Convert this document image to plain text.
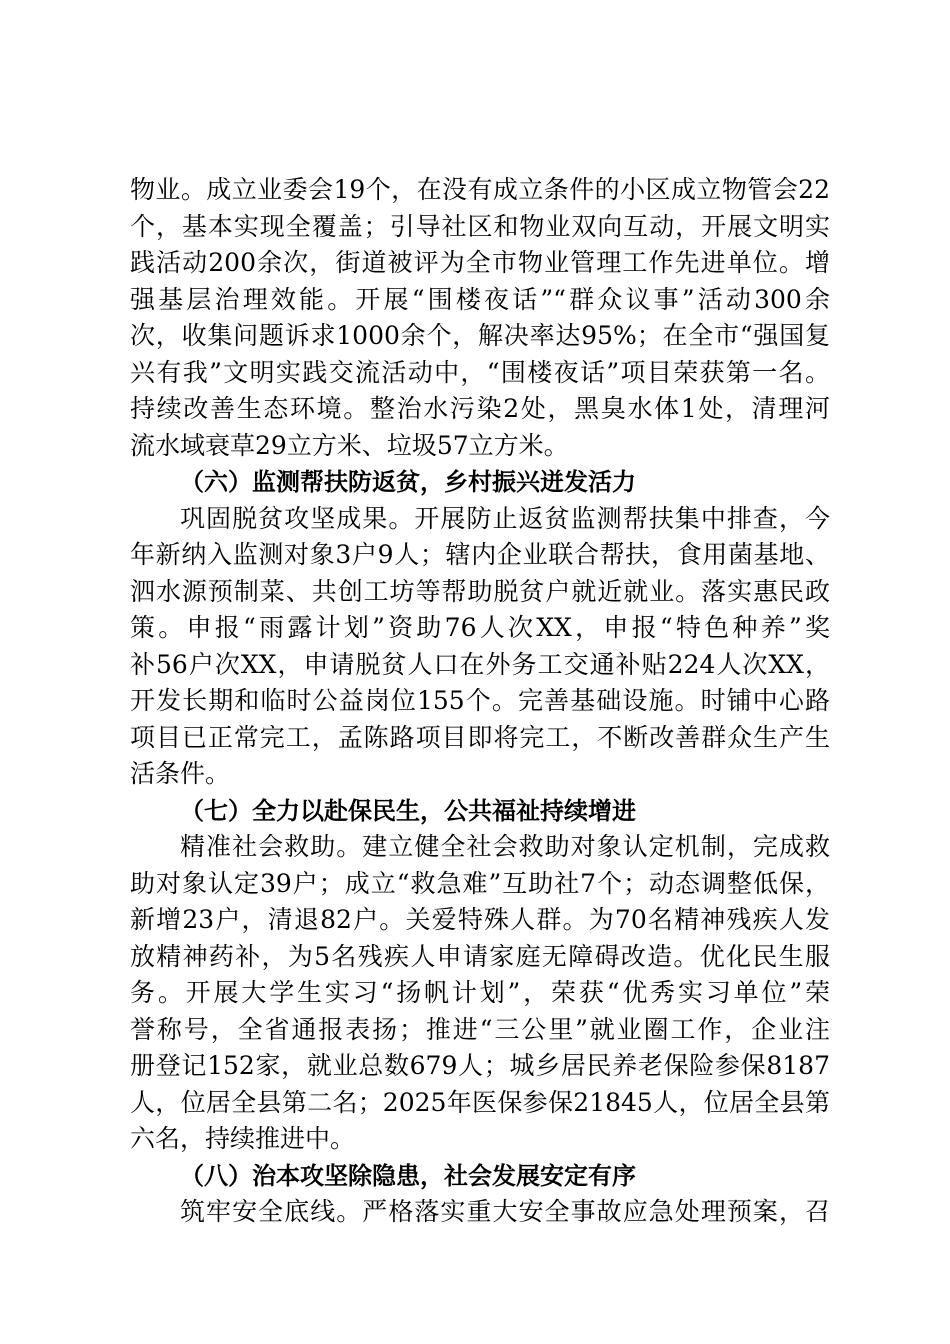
物业。成立业委会19个，在没有成立条件的小区成立物管会22
个，基本实现全覆盖；引导社区和物业双向互动，开展文明实
践活动200余次，街道被评为全市物业管理工作先进单位。增
强基层治理效能。开展“围楼夜话”“群众议事”活动300余
次，收集问题诉求1000余个，解决率达95%；在全市“强国复
兴有我”文明实践交流活动中，“围楼夜话”项目荣获第一名。
持续改善生态环境。整治水污染2处，黑臭水体1处，清理河
流水域衰草29立方米、垃圾57立方米。
（六）监测帮扶防返贫，乡村振兴迸发活力
巩固脱贫攻坚成果。开展防止返贫监测帮扶集中排查，今
年新纳入监测对象3户9人；辖内企业联合帮扶，食用菌基地、
泗水源预制菜、共创工坊等帮助脱贫户就近就业。落实惠民政
策。申报“雨露计划”资助76人次XX，申报“特色种养”奖
补56户次XX，申请脱贫人口在外务工交通补贴224人次XX，
开发长期和临时公益岗位155个。完善基础设施。时铺中心路
项目已正常完工，孟陈路项目即将完工，不断改善群众生产生
活条件。
（七）全力以赴保民生，公共福祉持续增进
精准社会救助。建立健全社会救助对象认定机制，完成救
助对象认定39户；成立“救急难”互助社7个；动态调整低保，
新增23户，清退82户。关爱特殊人群。为70名精神残疾人发
放精神药补，为5名残疾人申请家庭无障碍改造。优化民生服
务。开展大学生实习“扬帆计划”，荣获“优秀实习单位”荣
誉称号，全省通报表扬；推进“三公里”就业圈工作，企业注
册登记152家，就业总数679人；城乡居民养老保险参保8187
人，位居全县第二名；2025年医保参保21845人，位居全县第
六名，持续推进中。
（八）治本攻坚除隐患，社会发展安定有序
筑牢安全底线。严格落实重大安全事故应急处理预案，召
